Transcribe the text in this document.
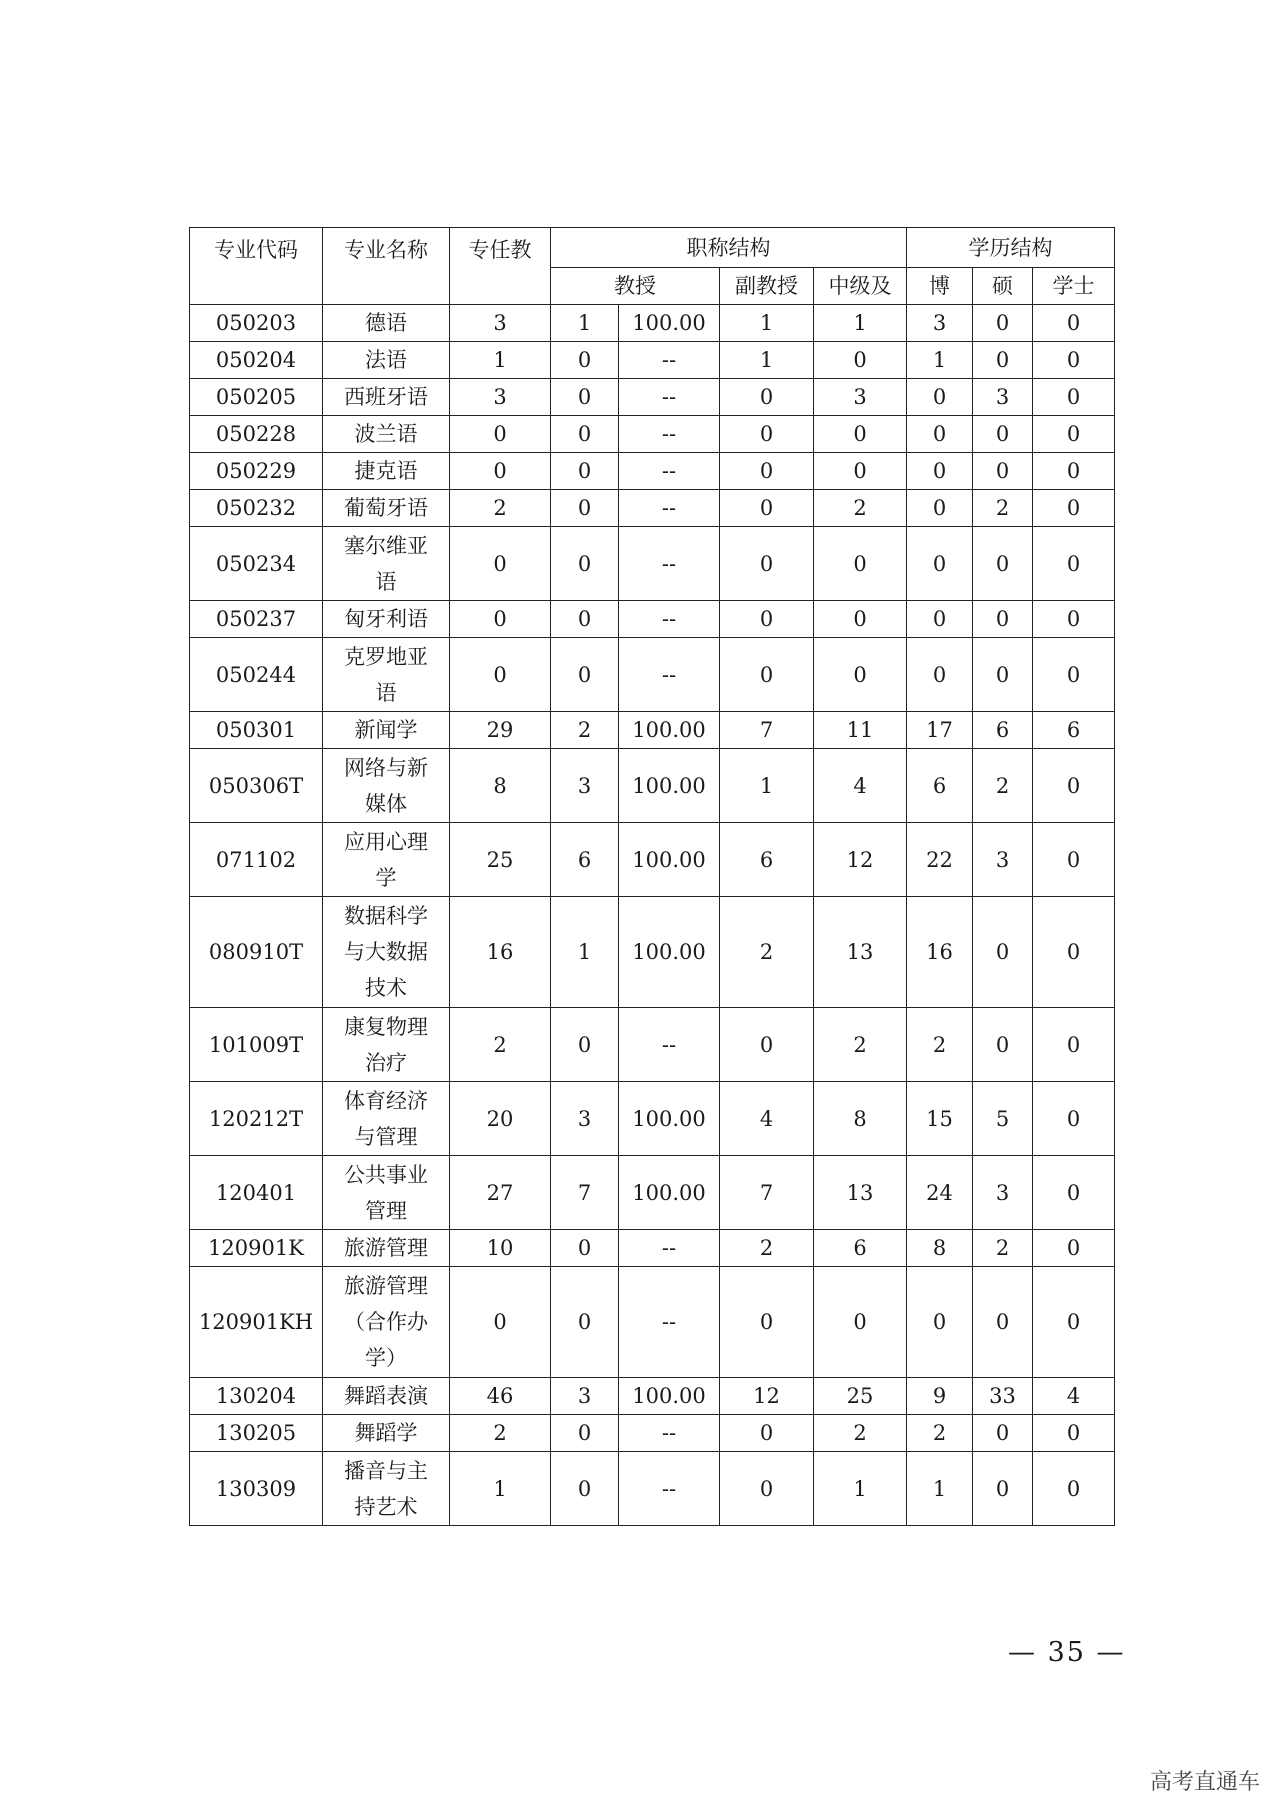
专业代码	专业名称	专任教	职称结构				学历结构		
			教授		副教授	中级及	博	硕	学士
050203	德语	3	1	100.00	1	1	3	0	0
050204	法语	1	0	--	1	0	1	0	0
050205	西班牙语	3	0	--	0	3	0	3	0
050228	波兰语	0	0	--	0	0	0	0	0
050229	捷克语	0	0	--	0	0	0	0	0
050232	葡萄牙语	2	0	--	0	2	0	2	0
050234	塞尔维亚
语	0	0	--	0	0	0	0	0
050237	匈牙利语	0	0	--	0	0	0	0	0
050244	克罗地亚
语	0	0	--	0	0	0	0	0
050301	新闻学	29	2	100.00	7	11	17	6	6
050306T	网络与新
媒体	8	3	100.00	1	4	6	2	0
071102	应用心理
学	25	6	100.00	6	12	22	3	0
080910T	数据科学
与大数据
技术	16	1	100.00	2	13	16	0	0
101009T	康复物理
治疗	2	0	--	0	2	2	0	0
120212T	体育经济
与管理	20	3	100.00	4	8	15	5	0
120401	公共事业
管理	27	7	100.00	7	13	24	3	0
120901K	旅游管理	10	0	--	2	6	8	2	0
120901KH	旅游管理
（合作办
学）	0	0	--	0	0	0	0	0
130204	舞蹈表演	46	3	100.00	12	25	9	33	4
130205	舞蹈学	2	0	--	0	2	2	0	0
130309	播音与主
持艺术	1	0	--	0	1	1	0	0
— 35 —
高考直通车
